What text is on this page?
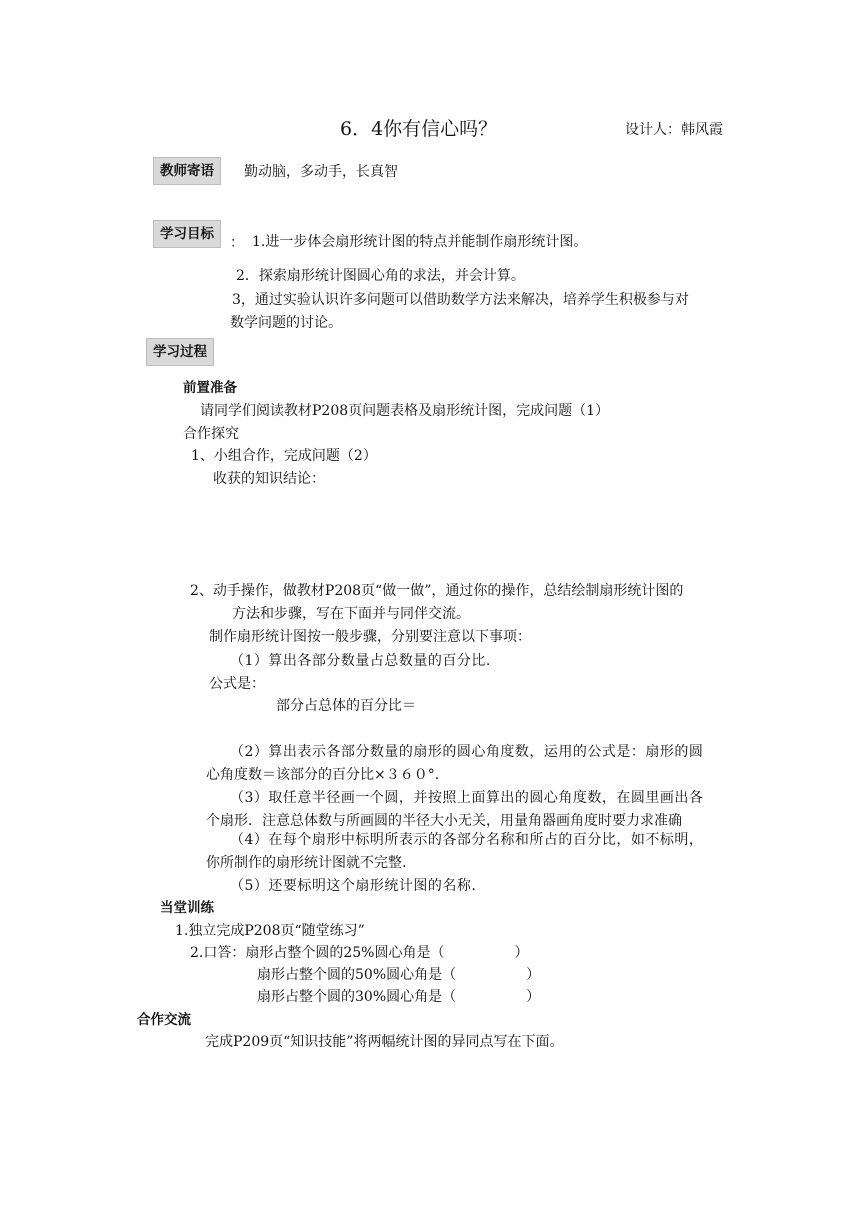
6．4你有信心吗？	设计人：韩风霞
教师寄语	勤动脑，多动手，长真智
学习目标
： 1.进一步体会扇形统计图的特点并能制作扇形统计图。
2．探索扇形统计图圆心角的求法，并会计算。
3，通过实验认识许多问题可以借助数学方法来解决，培养学生积极参与对
数学问题的讨论。
学习过程
前置准备
请同学们阅读教材P208页问题表格及扇形统计图，完成问题（1）
合作探究
1、小组合作，完成问题（2）
收获的知识结论：
2、动手操作，做教材P208页“做一做”，通过你的操作，总结绘制扇形统计图的
方法和步骤，写在下面并与同伴交流。
制作扇形统计图按一般步骤，分别要注意以下事项：
（1）算出各部分数量占总数量的百分比.
公式是：
部分占总体的百分比＝
（2）算出表示各部分数量的扇形的圆心角度数，运用的公式是：扇形的圆
心角度数＝该部分的百分比×３６０°．
（3）取任意半径画一个圆，并按照上面算出的圆心角度数，在圆里画出各
个扇形．注意总体数与所画圆的半径大小无关，用量角器画角度时要力求准确
（4）在每个扇形中标明所表示的各部分名称和所占的百分比，如不标明，
你所制作的扇形统计图就不完整.
（5）还要标明这个扇形统计图的名称.
当堂训练
1.独立完成P208页“随堂练习”
2.口答：扇形占整个圆的25%圆心角是（　　　　　）
扇形占整个圆的50%圆心角是（　　　　　）
扇形占整个圆的30%圆心角是（　　　　　）
合作交流
完成P209页“知识技能”将两幅统计图的异同点写在下面。
